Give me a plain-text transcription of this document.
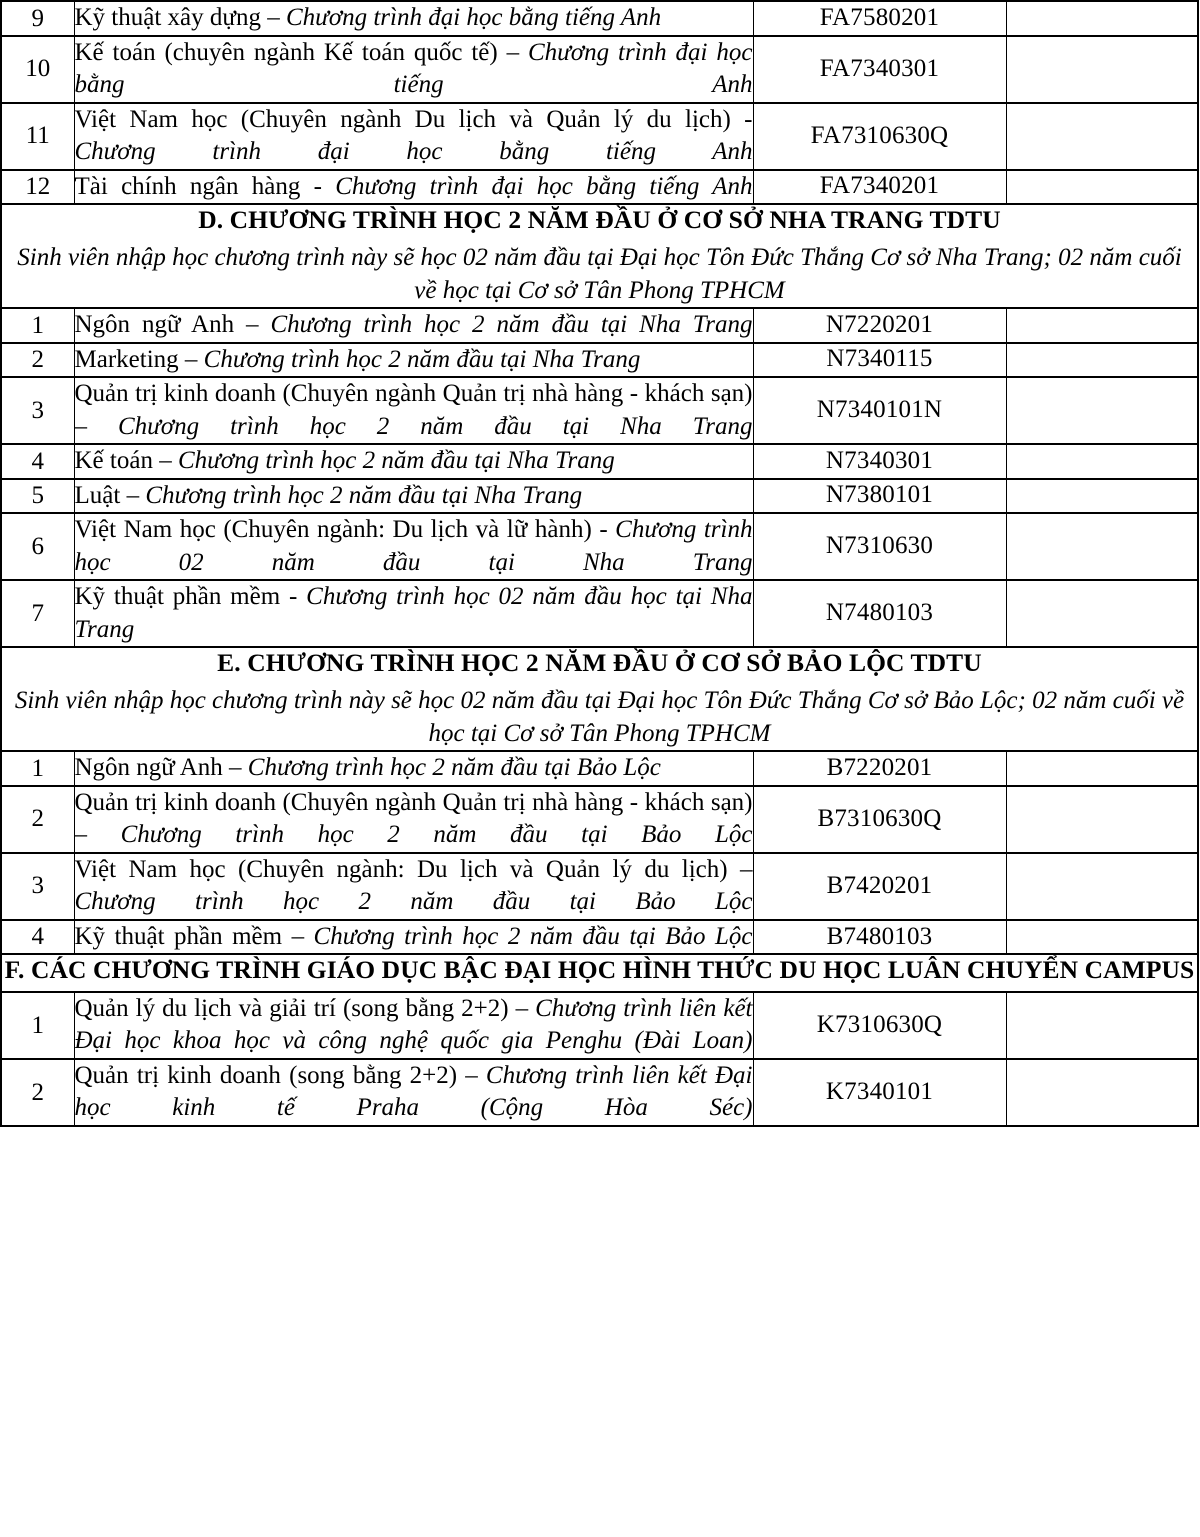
9	Kỹ thuật xây dựng – Chương trình đại học bằng tiếng Anh	FA7580201	
10	Kế toán (chuyên ngành Kế toán quốc tế) – Chương trình đại học bằng tiếng Anh	FA7340301	
11	Việt Nam học (Chuyên ngành Du lịch và Quản lý du lịch) - Chương trình đại học bằng tiếng Anh	FA7310630Q	
12	Tài chính ngân hàng - Chương trình đại học bằng tiếng Anh	FA7340201	

D. CHƯƠNG TRÌNH HỌC 2 NĂM ĐẦU Ở CƠ SỞ NHA TRANG TDTU
Sinh viên nhập học chương trình này sẽ học 02 năm đầu tại Đại học Tôn Đức Thắng Cơ sở Nha Trang; 02 năm cuối về học tại Cơ sở Tân Phong TPHCM			

1	Ngôn ngữ Anh – Chương trình học 2 năm đầu tại Nha Trang	N7220201	
2	Marketing – Chương trình học 2 năm đầu tại Nha Trang	N7340115	
3	Quản trị kinh doanh (Chuyên ngành Quản trị nhà hàng - khách sạn) – Chương trình học 2 năm đầu tại Nha Trang	N7340101N	
4	Kế toán – Chương trình học 2 năm đầu tại Nha Trang	N7340301	
5	Luật – Chương trình học 2 năm đầu tại Nha Trang	N7380101	
6	Việt Nam học (Chuyên ngành: Du lịch và lữ hành) - Chương trình học 02 năm đầu tại Nha Trang	N7310630	
7	Kỹ thuật phần mềm - Chương trình học 02 năm đầu học tại Nha Trang	N7480103	

E. CHƯƠNG TRÌNH HỌC 2 NĂM ĐẦU Ở CƠ SỞ BẢO LỘC TDTU
Sinh viên nhập học chương trình này sẽ học 02 năm đầu tại Đại học Tôn Đức Thắng Cơ sở Bảo Lộc; 02 năm cuối về học tại Cơ sở Tân Phong TPHCM			

1	Ngôn ngữ Anh – Chương trình học 2 năm đầu tại Bảo Lộc	B7220201	
2	Quản trị kinh doanh (Chuyên ngành Quản trị nhà hàng - khách sạn) – Chương trình học 2 năm đầu tại Bảo Lộc	B7310630Q	
3	Việt Nam học (Chuyên ngành: Du lịch và Quản lý du lịch) – Chương trình học 2 năm đầu tại Bảo Lộc	B7420201	
4	Kỹ thuật phần mềm – Chương trình học 2 năm đầu tại Bảo Lộc	B7480103	

F. CÁC CHƯƠNG TRÌNH GIÁO DỤC BẬC ĐẠI HỌC HÌNH THỨC DU HỌC LUÂN CHUYỂN CAMPUS			

1	Quản lý du lịch và giải trí (song bằng 2+2) – Chương trình liên kết Đại học khoa học và công nghệ quốc gia Penghu (Đài Loan)	K7310630Q	
2	Quản trị kinh doanh (song bằng 2+2) – Chương trình liên kết Đại học kinh tế Praha (Cộng Hòa Séc)	K7340101	
